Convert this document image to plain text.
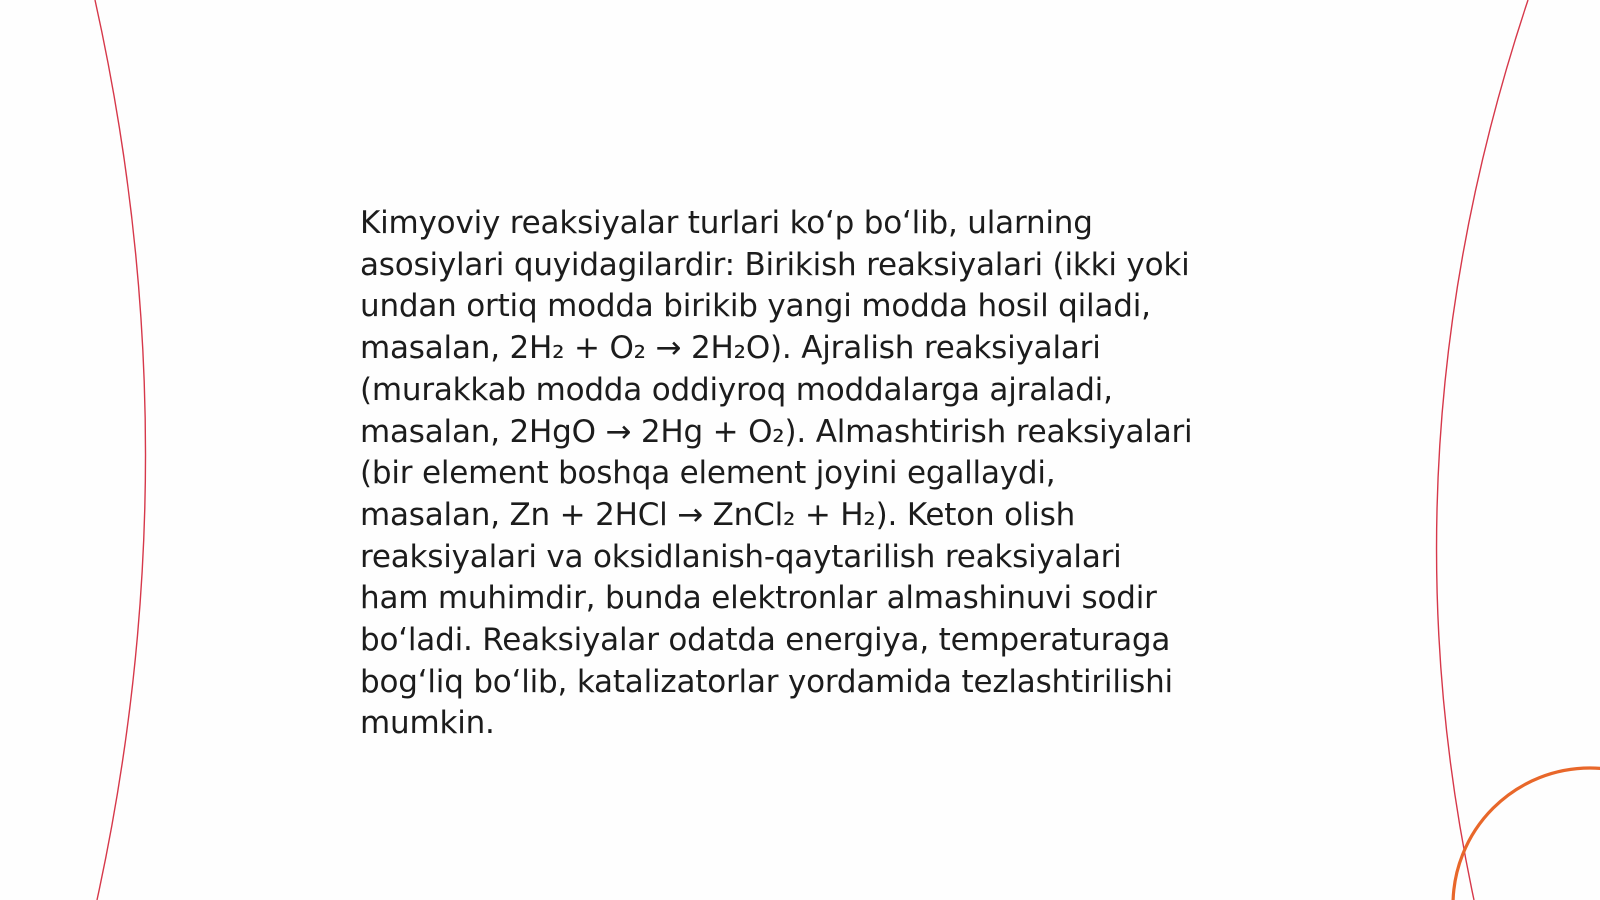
Kimyoviy reaksiyalar turlari koʻp boʻlib, ularning
asosiylari quyidagilardir: Birikish reaksiyalari (ikki yoki
undan ortiq modda birikib yangi modda hosil qiladi,
masalan, 2H₂ + O₂ → 2H₂O). Ajralish reaksiyalari
(murakkab modda oddiyroq moddalarga ajraladi,
masalan, 2HgO → 2Hg + O₂). Almashtirish reaksiyalari
(bir element boshqa element joyini egallaydi,
masalan, Zn + 2HCl → ZnCl₂ + H₂). Keton olish
reaksiyalari va oksidlanish-qaytarilish reaksiyalari
ham muhimdir, bunda elektronlar almashinuvi sodir
boʻladi. Reaksiyalar odatda energiya, temperaturaga
bogʻliq boʻlib, katalizatorlar yordamida tezlashtirilishi
mumkin.
